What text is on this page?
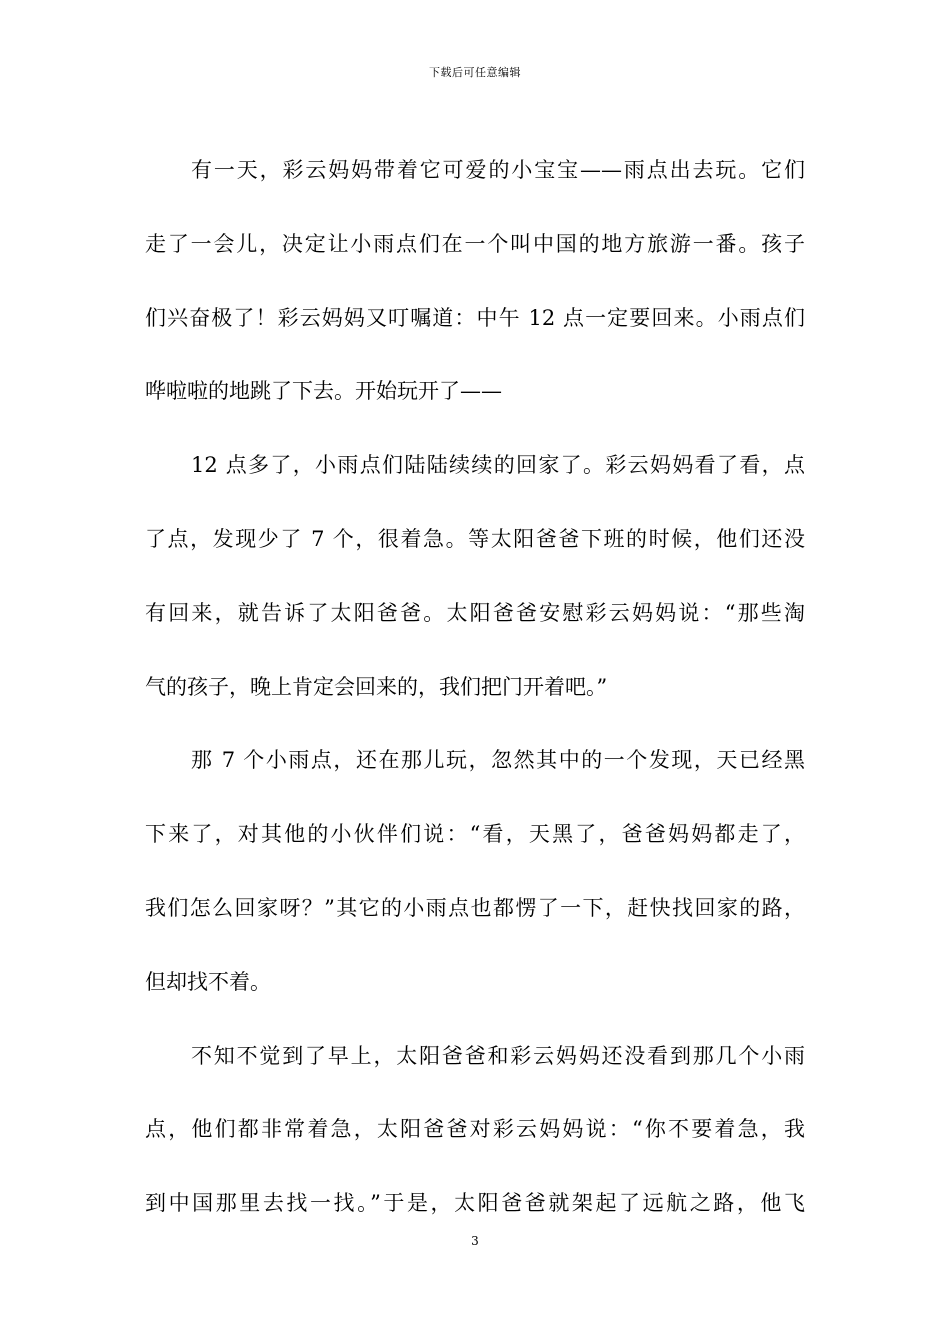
下载后可任意编辑
有一天，彩云妈妈带着它可爱的小宝宝——雨点出去玩。它们
走了一会儿，决定让小雨点们在一个叫中国的地方旅游一番。孩子
们兴奋极了！彩云妈妈又叮嘱道：中午 12 点一定要回来。小雨点们
哗啦啦的地跳了下去。开始玩开了——
12 点多了，小雨点们陆陆续续的回家了。彩云妈妈看了看，点
了点，发现少了 7 个，很着急。等太阳爸爸下班的时候，他们还没
有回来，就告诉了太阳爸爸。太阳爸爸安慰彩云妈妈说：“那些淘
气的孩子，晚上肯定会回来的，我们把门开着吧。”
那 7 个小雨点，还在那儿玩，忽然其中的一个发现，天已经黑
下来了，对其他的小伙伴们说：“看，天黑了，爸爸妈妈都走了，
我们怎么回家呀？”其它的小雨点也都愣了一下，赶快找回家的路，
但却找不着。
不知不觉到了早上，太阳爸爸和彩云妈妈还没看到那几个小雨
点，他们都非常着急，太阳爸爸对彩云妈妈说：“你不要着急，我
到中国那里去找一找。”于是，太阳爸爸就架起了远航之路，他飞
3
